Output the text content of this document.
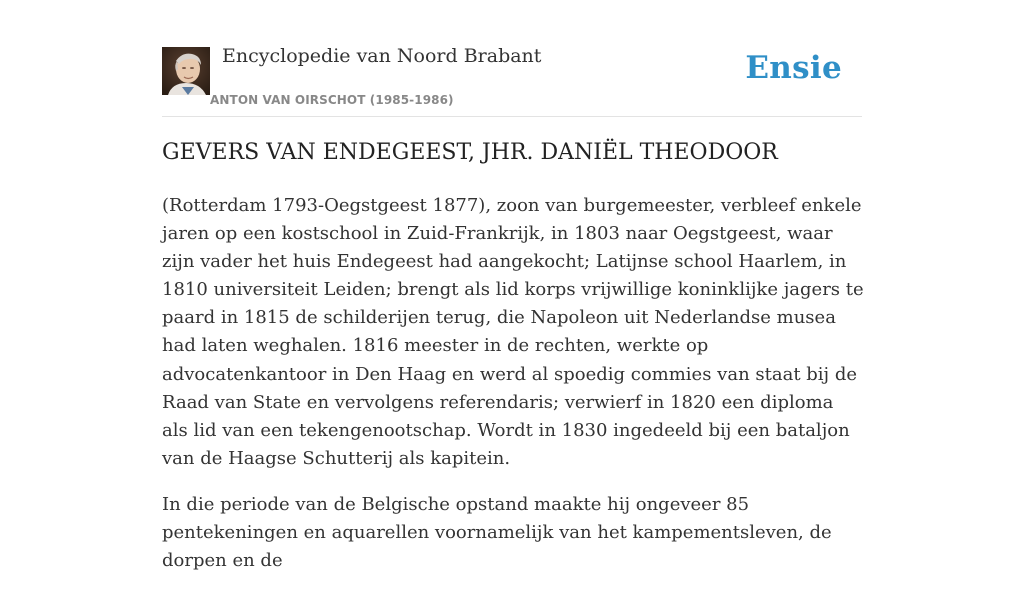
Encyclopedie van Noord Brabant
ANTON VAN OIRSCHOT (1985-1986)
Ensie
GEVERS VAN ENDEGEEST, JHR. DANIËL THEODOOR

(Rotterdam 1793-Oegstgeest 1877), zoon van burgemeester, verbleef enkele jaren op een kostschool in Zuid-Frankrijk, in 1803 naar Oegstgeest, waar zijn vader het huis Endegeest had aangekocht; Latijnse school Haarlem, in 1810 universiteit Leiden; brengt als lid korps vrijwillige koninklijke jagers te paard in 1815 de schilderijen terug, die Napoleon uit Nederlandse musea had laten weghalen. 1816 meester in de rechten, werkte op advocatenkantoor in Den Haag en werd al spoedig commies van staat bij de Raad van State en vervolgens referendaris; verwierf in 1820 een diploma als lid van een tekengenootschap. Wordt in 1830 ingedeeld bij een bataljon van de Haagse Schutterij als kapitein.

In die periode van de Belgische opstand maakte hij ongeveer 85 pentekeningen en aquarellen voornamelijk van het kampementsleven, de dorpen en de
